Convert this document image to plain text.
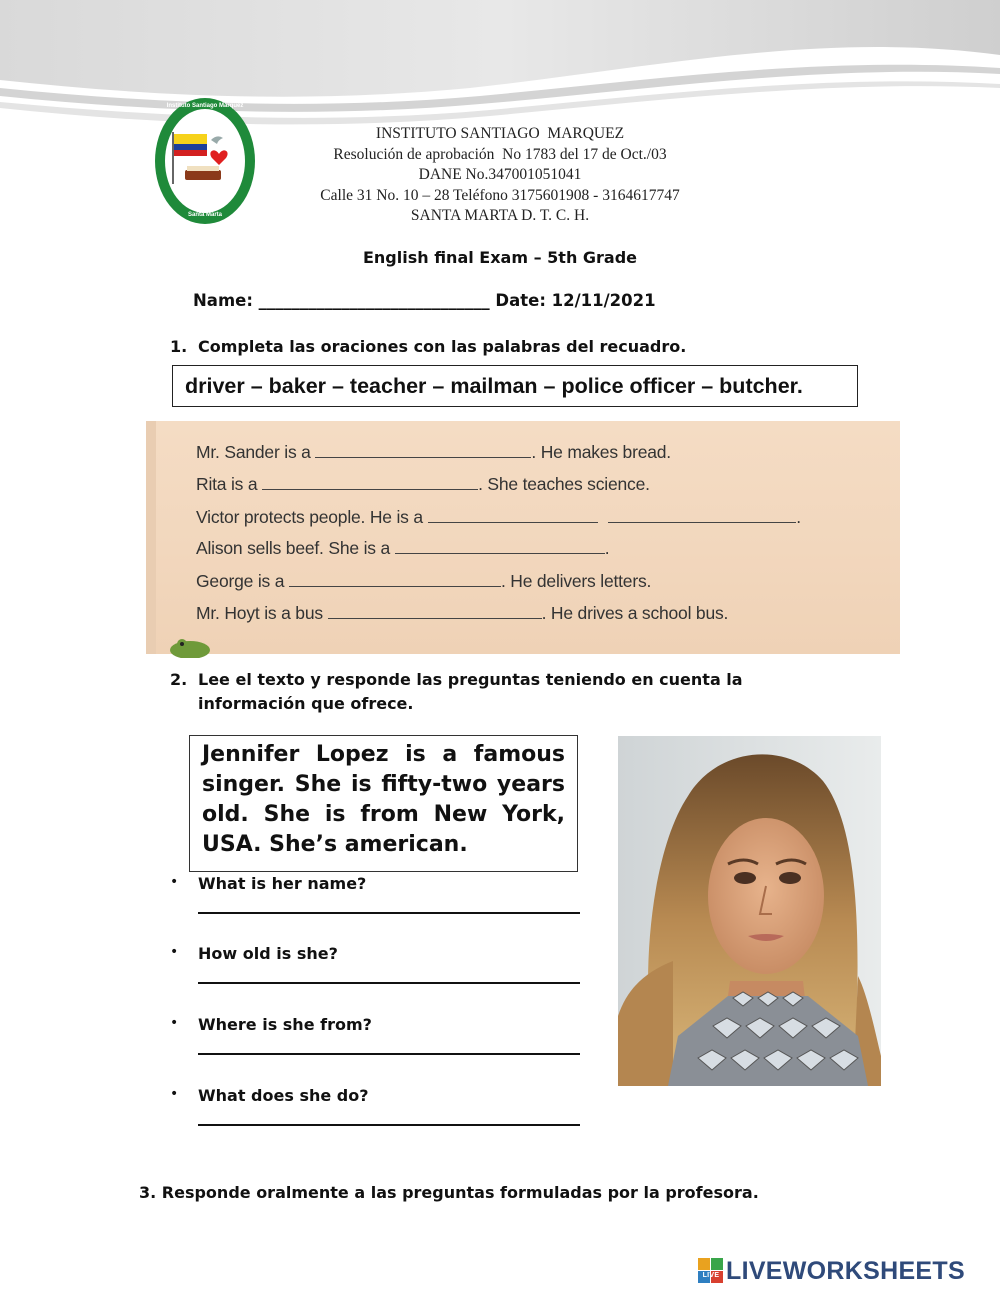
Paz y Amor
Santa Marta
Instituto Santiago Marquez
INSTITUTO SANTIAGO  MARQUEZ
Resolución de aprobación  No 1783 del 17 de Oct./03
DANE No.347001051041
Calle 31 No. 10 – 28 Teléfono 3175601908 - 3164617747
SANTA MARTA D. T. C. H.
English final Exam – 5th Grade
Name: ____________________________ Date: 12/11/2021
1. Completa las oraciones con las palabras del recuadro.
driver – baker – teacher – mailman – police officer – butcher.
Mr. Sander is a	. He makes bread.
Rita is a	. She teaches science.
Victor protects people. He is a	.
Alison sells beef. She is a	.
George is a	. He delivers letters.
Mr. Hoyt is a bus	. He drives a school bus.
2. Lee el texto y responde las preguntas teniendo en cuenta la
información que ofrece.
Jennifer Lopez is a famous singer. She is fifty-two years old. She is from New York, USA. She’s american.
• What is her name?
• How old is she?
• Where is she from?
• What does she do?
3. Responde oralmente a las preguntas formuladas por la profesora.
LIVE LIVEWORKSHEETS
